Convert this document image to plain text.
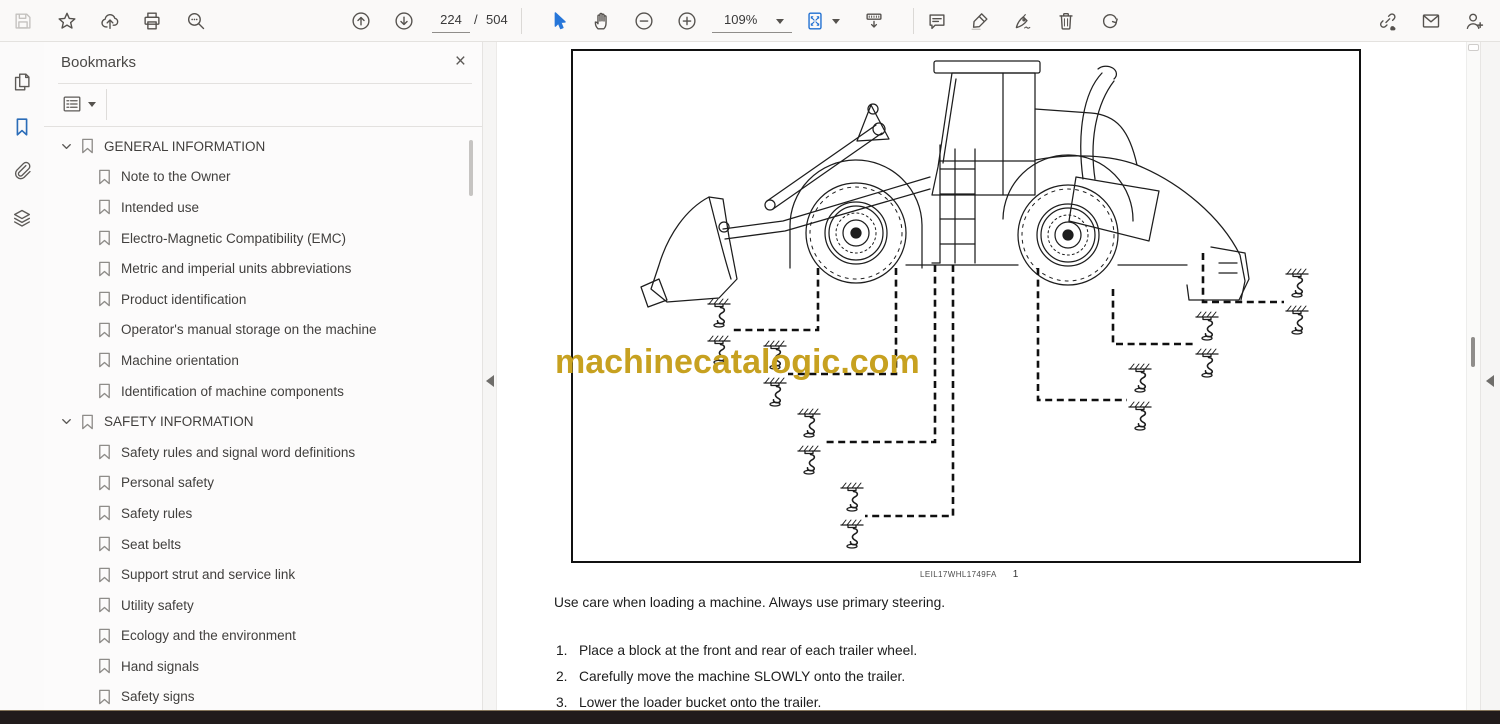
224 / 504	109%
Bookmarks	×
GENERAL INFORMATION
Note to the Owner
Intended use
Electro-Magnetic Compatibility (EMC)
Metric and imperial units abbreviations
Product identification
Operator's manual storage on the machine
Machine orientation
Identification of machine components
SAFETY INFORMATION
Safety rules and signal word definitions
Personal safety
Safety rules
Seat belts
Support strut and service link
Utility safety
Ecology and the environment
Hand signals
Safety signs
machinecatalogic.com
LEIL17WHL1749FA 1
Use care when loading a machine. Always use primary steering.
1. Place a block at the front and rear of each trailer wheel.
2. Carefully move the machine SLOWLY onto the trailer.
3. Lower the loader bucket onto the trailer.
